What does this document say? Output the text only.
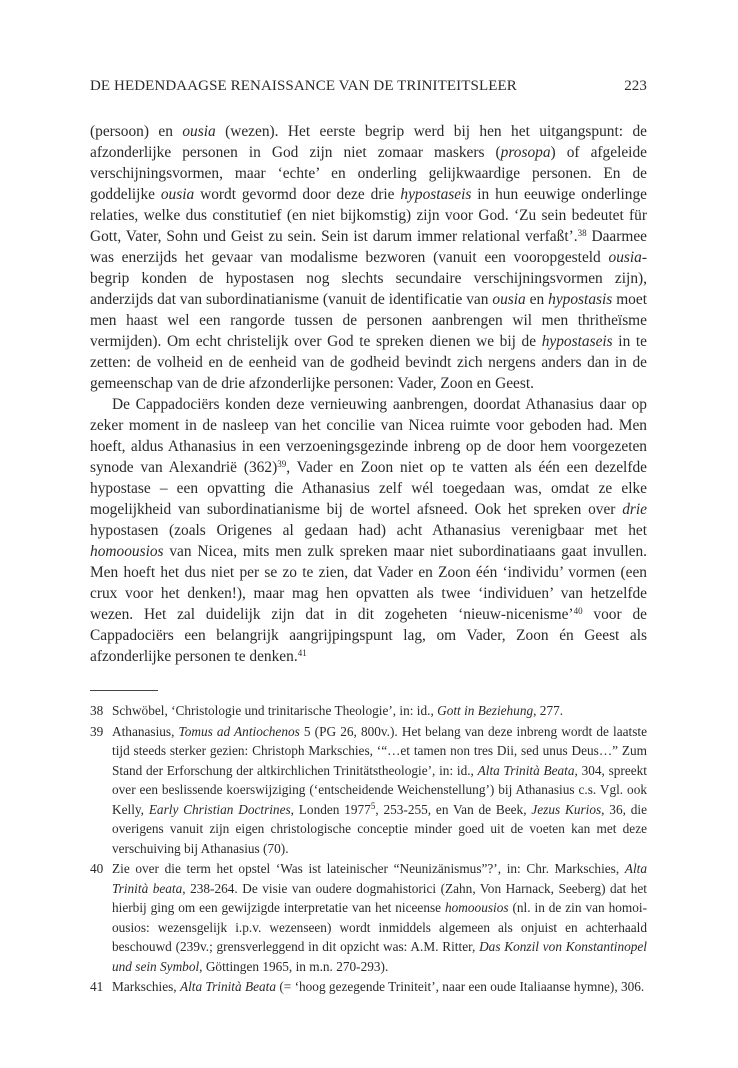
DE HEDENDAAGSE RENAISSANCE VAN DE TRINITEITSLEER	223

(persoon) en ousia (wezen). Het eerste begrip werd bij hen het uitgangspunt: de afzonderlijke personen in God zijn niet zomaar maskers (prosopa) of afgeleide verschijningsvormen, maar ‘echte’ en onderling gelijkwaardige personen. En de goddelijke ousia wordt gevormd door deze drie hypostaseis in hun eeuwige onderlinge relaties, welke dus constitutief (en niet bijkomstig) zijn voor God. ‘Zu sein bedeutet für Gott, Vater, Sohn und Geist zu sein. Sein ist darum immer relational verfaßt’.$^{38}$ Daarmee was enerzijds het gevaar van modalisme bezworen (vanuit een vooropgesteld ousia-begrip konden de hypostasen nog slechts secundaire verschijningsvormen zijn), anderzijds dat van subordinatianisme (vanuit de identificatie van ousia en hypostasis moet men haast wel een rangorde tussen de personen aanbrengen wil men thritheïsme vermijden). Om echt christelijk over God te spreken dienen we bij de hypostaseis in te zetten: de volheid en de eenheid van de godheid bevindt zich nergens anders dan in de gemeenschap van de drie afzonderlijke personen: Vader, Zoon en Geest.

De Cappadociërs konden deze vernieuwing aanbrengen, doordat Athanasius daar op zeker moment in de nasleep van het concilie van Nicea ruimte voor geboden had. Men hoeft, aldus Athanasius in een verzoeningsgezinde inbreng op de door hem voorgezeten synode van Alexandrië $(362)^{39}$, Vader en Zoon niet op te vatten als één een dezelfde hypostase – een opvatting die Athanasius zelf wél toegedaan was, omdat ze elke mogelijkheid van subordinatianisme bij de wortel afsneed. Ook het spreken over drie hypostasen (zoals Origenes al gedaan had) acht Athanasius verenigbaar met het homoousios van Nicea, mits men zulk spreken maar niet subordinatiaans gaat invullen. Men hoeft het dus niet per se zo te zien, dat Vader en Zoon één ‘individu’ vormen (een crux voor het denken!), maar mag hen opvatten als twee ‘individuen’ van hetzelfde wezen. Het zal duidelijk zijn dat in dit zogeheten ‘nieuw-nicenisme’$^{40}$ voor de Cappadociërs een belangrijk aangrijpingspunt lag, om Vader, Zoon én Geest als afzonderlijke personen te denken.$^{41}$

38 Schwöbel, ‘Christologie und trinitarische Theologie’, in: id., Gott in Beziehung, 277.
39 Athanasius, Tomus ad Antiochenos 5 (PG 26, 800v.). Het belang van deze inbreng wordt de laatste tijd steeds sterker gezien: Christoph Markschies, ‘“…et tamen non tres Dii, sed unus Deus…” Zum Stand der Erforschung der altkirchlichen Trinitätstheologie’, in: id., Alta Trinità Beata, 304, spreekt over een beslissende koerswijziging (‘entscheidende Weichenstellung’) bij Athanasius c.s. Vgl. ook Kelly, Early Christian Doctrines, Londen 1977$^5$, 253-255, en Van de Beek, Jezus Kurios, 36, die overigens vanuit zijn eigen christologische conceptie minder goed uit de voeten kan met deze verschuiving bij Athanasius (70).
40 Zie over die term het opstel ‘Was ist lateinischer “Neunizänismus”?’, in: Chr. Markschies, Alta Trinità beata, 238-264. De visie van oudere dogmahistorici (Zahn, Von Harnack, Seeberg) dat het hierbij ging om een gewijzigde interpretatie van het niceense homoousios (nl. in de zin van homoi-ousios: wezensgelijk i.p.v. wezenseen) wordt inmiddels algemeen als onjuist en achterhaald beschouwd (239v.; grensverleggend in dit opzicht was: A.M. Ritter, Das Konzil von Konstantinopel und sein Symbol, Göttingen 1965, in m.n. 270-293).
41 Markschies, Alta Trinità Beata (= ‘hoog gezegende Triniteit’, naar een oude Italiaanse hymne), 306.
